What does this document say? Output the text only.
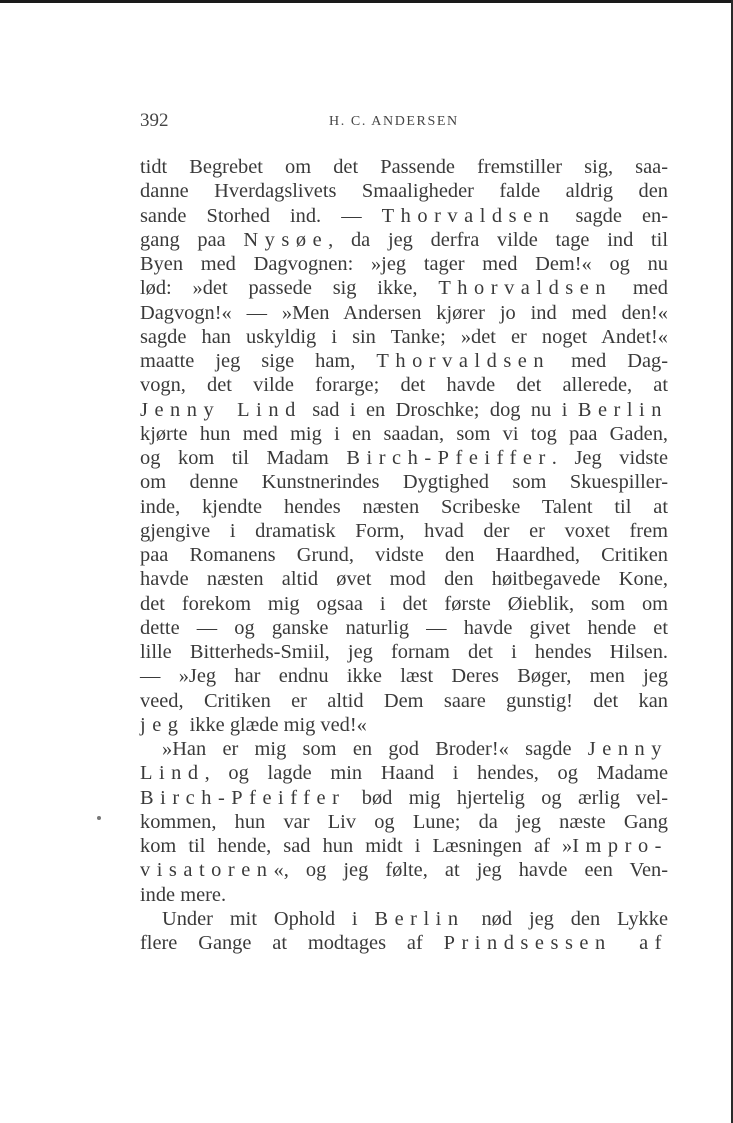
392	H. C. ANDERSEN
tidt Begrebet om det Passende fremstiller sig, saa-
danne Hverdagslivets Smaaligheder falde aldrig den
sande Storhed ind. — Thorvaldsen sagde en-
gang paa Nysøe, da jeg derfra vilde tage ind til
Byen med Dagvognen: »jeg tager med Dem!« og nu
lød: »det passede sig ikke, Thorvaldsen med
Dagvogn!« — »Men Andersen kjører jo ind med den!«
sagde han uskyldig i sin Tanke; »det er noget Andet!«
maatte jeg sige ham, Thorvaldsen med Dag-
vogn, det vilde forarge; det havde det allerede, at
Jenny Lind sad i en Droschke; dog nu i Berlin
kjørte hun med mig i en saadan, som vi tog paa Gaden,
og kom til Madam Birch-Pfeiffer. Jeg vidste
om denne Kunstnerindes Dygtighed som Skuespiller-
inde, kjendte hendes næsten Scribeske Talent til at
gjengive i dramatisk Form, hvad der er voxet frem
paa Romanens Grund, vidste den Haardhed, Critiken
havde næsten altid øvet mod den høitbegavede Kone,
det forekom mig ogsaa i det første Øieblik, som om
dette — og ganske naturlig — havde givet hende et
lille Bitterheds-Smiil, jeg fornam det i hendes Hilsen.
— »Jeg har endnu ikke læst Deres Bøger, men jeg
veed, Critiken er altid Dem saare gunstig! det kan
jeg ikke glæde mig ved!«
»Han er mig som en god Broder!« sagde Jenny
Lind, og lagde min Haand i hendes, og Madame
Birch-Pfeiffer bød mig hjertelig og ærlig vel-
kommen, hun var Liv og Lune; da jeg næste Gang
kom til hende, sad hun midt i Læsningen af »Impro-
visatoren«, og jeg følte, at jeg havde een Ven-
inde mere.
Under mit Ophold i Berlin nød jeg den Lykke
flere Gange at modtages af Prindsessen af
